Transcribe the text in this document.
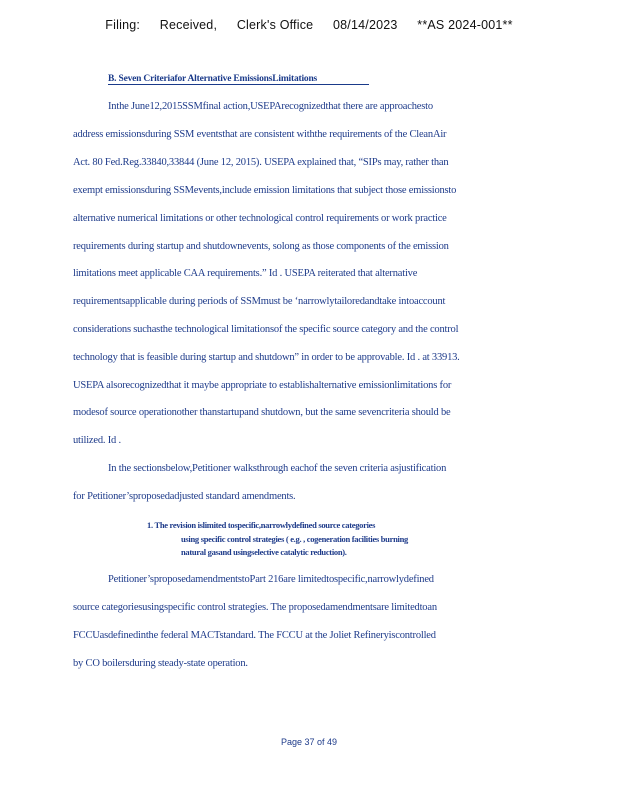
Filing: Received, Clerk's Office 08/14/2023 **AS 2024-001**
B. Seven Criteriafor Alternative EmissionsLimitations
Inthe June12,2015SSMfinal action,USEPArecognizedthat there are approachesto
address emissionsduring SSM eventsthat are consistent withthe requirements of the CleanAir
Act. 80 Fed.Reg.33840,33844 (June 12, 2015). USEPA explained that, “SIPs may, rather than
exempt emissionsduring SSMevents,include emission limitations that subject those emissionsto
alternative numerical limitations or other technological control requirements or work practice
requirements during startup and shutdownevents, solong as those components of the emission
limitations meet applicable CAA requirements.” Id . USEPA reiterated that alternative
requirementsapplicable during periods of SSMmust be ‘narrowlytailoredandtake intoaccount
considerations suchasthe technological limitationsof the specific source category and the control
technology that is feasible during startup and shutdown” in order to be approvable. Id . at 33913.
USEPA alsorecognizedthat it maybe appropriate to establishalternative emissionlimitations for
modesof source operationother thanstartupand shutdown, but the same sevencriteria should be
utilized. Id .
In the sectionsbelow,Petitioner walksthrough eachof the seven criteria asjustification
for Petitioner’sproposedadjusted standard amendments.
1. The revision islimited tospecific,narrowlydefined source categories
using specific control strategies ( e.g. , cogeneration facilities burning
natural gasand usingselective catalytic reduction).
Petitioner’sproposedamendmentstoPart 216are limitedtospecific,narrowlydefined
source categoriesusingspecific control strategies. The proposedamendmentsare limitedtoan
FCCUasdefinedinthe federal MACTstandard. The FCCU at the Joliet Refineryiscontrolled
by CO boilersduring steady-state operation.
Page 37 of 49
